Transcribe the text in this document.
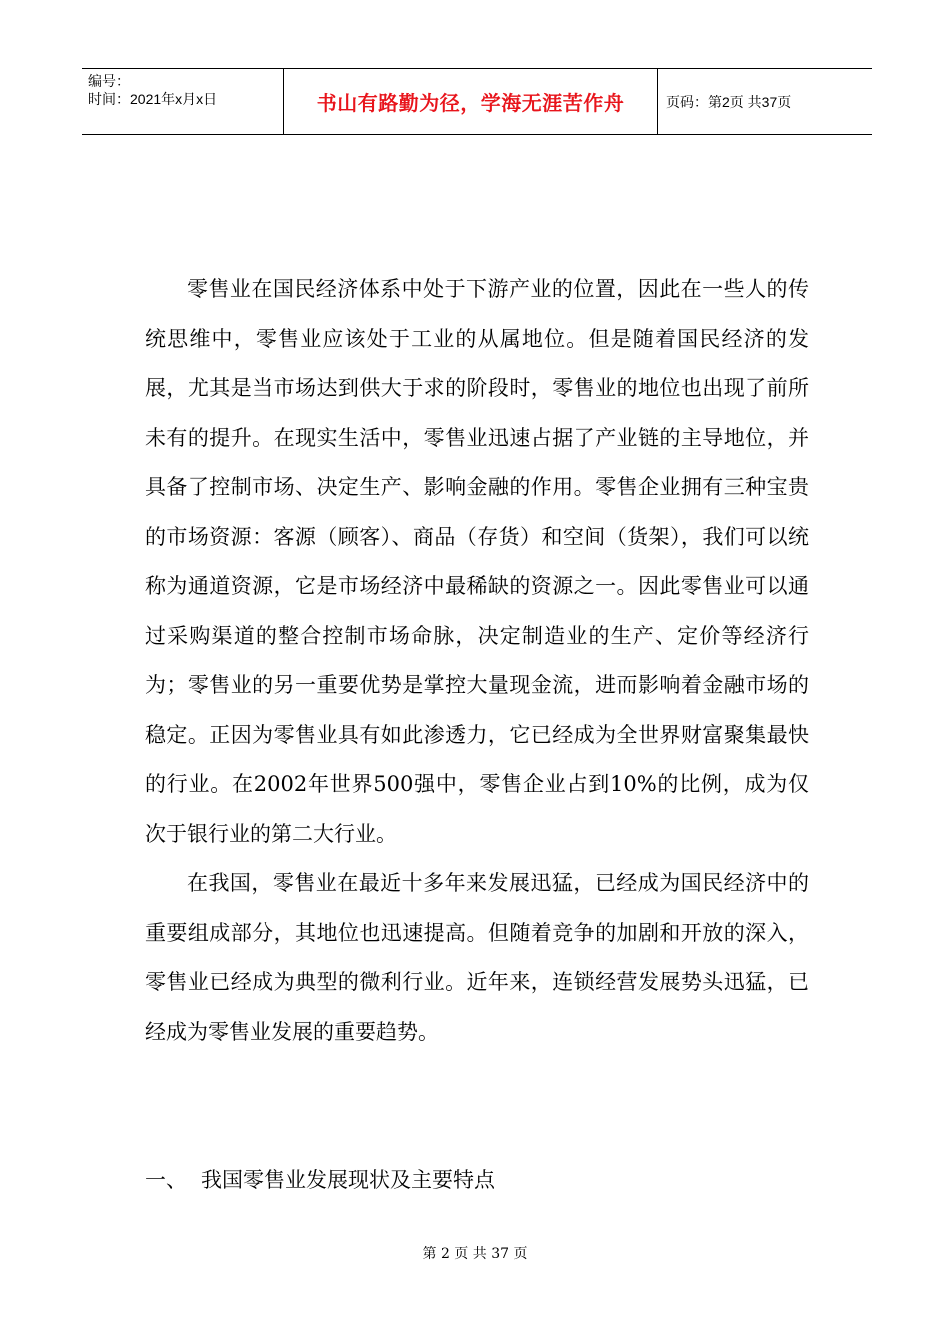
编号：
时间：2021年x月x日	书山有路勤为径，学海无涯苦作舟	页码：第2页 共37页

零售业在国民经济体系中处于下游产业的位置，因此在一些人的传统思维中，零售业应该处于工业的从属地位。但是随着国民经济的发展，尤其是当市场达到供大于求的阶段时，零售业的地位也出现了前所未有的提升。在现实生活中，零售业迅速占据了产业链的主导地位，并具备了控制市场、决定生产、影响金融的作用。零售企业拥有三种宝贵的市场资源：客源（顾客）、商品（存货）和空间（货架），我们可以统称为通道资源，它是市场经济中最稀缺的资源之一。因此零售业可以通过采购渠道的整合控制市场命脉，决定制造业的生产、定价等经济行为；零售业的另一重要优势是掌控大量现金流，进而影响着金融市场的稳定。正因为零售业具有如此渗透力，它已经成为全世界财富聚集最快的行业。在2002年世界500强中，零售企业占到10%的比例，成为仅次于银行业的第二大行业。

在我国，零售业在最近十多年来发展迅猛，已经成为国民经济中的重要组成部分，其地位也迅速提高。但随着竞争的加剧和开放的深入，零售业已经成为典型的微利行业。近年来，连锁经营发展势头迅猛，已经成为零售业发展的重要趋势。

一、 我国零售业发展现状及主要特点
第 2 页 共 37 页
